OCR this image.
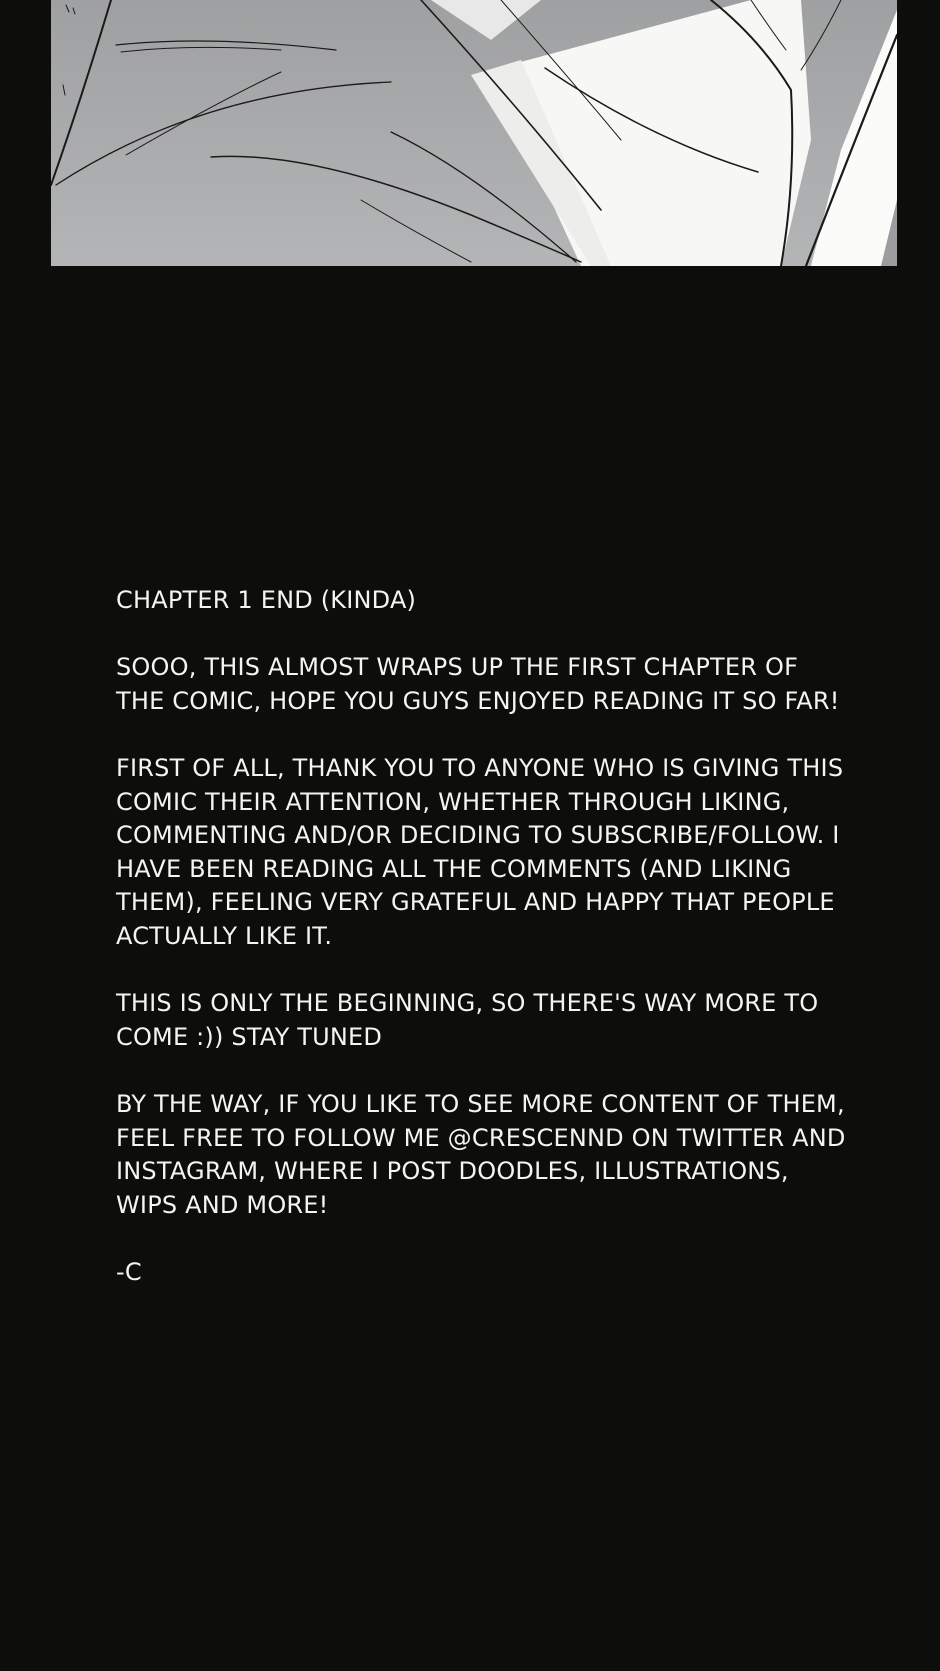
CHAPTER 1 END (KINDA)

SOOO, THIS ALMOST WRAPS UP THE FIRST CHAPTER OF THE COMIC, HOPE YOU GUYS ENJOYED READING IT SO FAR!

FIRST OF ALL, THANK YOU TO ANYONE WHO IS GIVING THIS COMIC THEIR ATTENTION, WHETHER THROUGH LIKING, COMMENTING AND/OR DECIDING TO SUBSCRIBE/FOLLOW. I HAVE BEEN READING ALL THE COMMENTS (AND LIKING THEM), FEELING VERY GRATEFUL AND HAPPY THAT PEOPLE ACTUALLY LIKE IT.

THIS IS ONLY THE BEGINNING, SO THERE'S WAY MORE TO COME :)) STAY TUNED

BY THE WAY, IF YOU LIKE TO SEE MORE CONTENT OF THEM, FEEL FREE TO FOLLOW ME @CRESCENND ON TWITTER AND INSTAGRAM, WHERE I POST DOODLES, ILLUSTRATIONS, WIPS AND MORE!

-C
